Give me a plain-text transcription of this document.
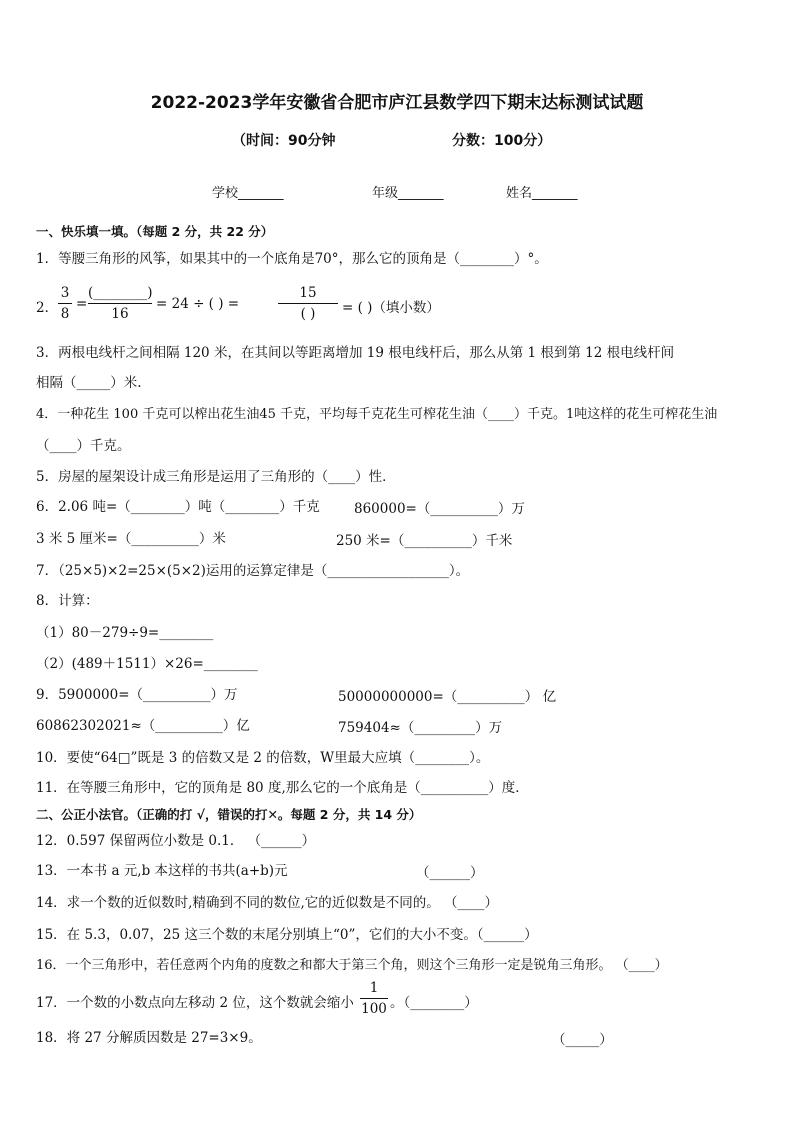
2022-2023学年安徽省合肥市庐江县数学四下期末达标测试试题
（时间：90分钟	分数：100分）
学校_______	年级_______	姓名_______
一、快乐填一填。（每题 2 分，共 22 分）
1．等腰三角形的风筝，如果其中的一个底角是70°，那么它的顶角是（________）°。
2．
3
8
=
(________)
16
= 24 ÷ ( ) =
15
( )	= ( )（填小数）
3．两根电线杆之间相隔 120 米，在其间以等距离增加 19 根电线杆后，那么从第 1 根到第 12 根电线杆间
相隔（_____）米.
4．一种花生 100 千克可以榨出花生油45 千克，平均每千克花生可榨花生油（____）千克。1吨这样的花生可榨花生油
（____）千克。
5．房屋的屋架设计成三角形是运用了三角形的（____）性．
6．2.06 吨=（________）吨（________）千克	860000=（__________）万
3 米 5 厘米=（__________）米	250 米=（__________）千米
7．（25×5)×2=25×(5×2)运用的运算定律是（__________________）。
8．计算：
（1）80－279÷9=________
（2）(489＋1511）×26=________
9．5900000=（__________）万	50000000000=（__________） 亿
60862302021≈（__________）亿	759404≈（_________）万
10．要使“64□”既是 3 的倍数又是 2 的倍数，W里最大应填（________）。
11．在等腰三角形中，它的顶角是 80 度,那么它的一个底角是（__________）度．
二、公正小法官。（正确的打 √，错误的打✕。每题 2 分，共 14 分）
12．0.597 保留两位小数是 0.1． （______）
13．一本书 a 元,b 本这样的书共(a+b)元	（______）
14．求一个数的近似数时,精确到不同的数位,它的近似数是不同的。 （____）
15．在 5.3，0.07，25 这三个数的末尾分别填上“0”，它们的大小不变。（______）
16．一个三角形中，若任意两个内角的度数之和都大于第三个角，则这个三角形一定是锐角三角形。 （____）
17．一个数的小数点向左移动 2 位，这个数就会缩小
1
100 。（________）
18．将 27 分解质因数是 27=3×9。	（_____）
